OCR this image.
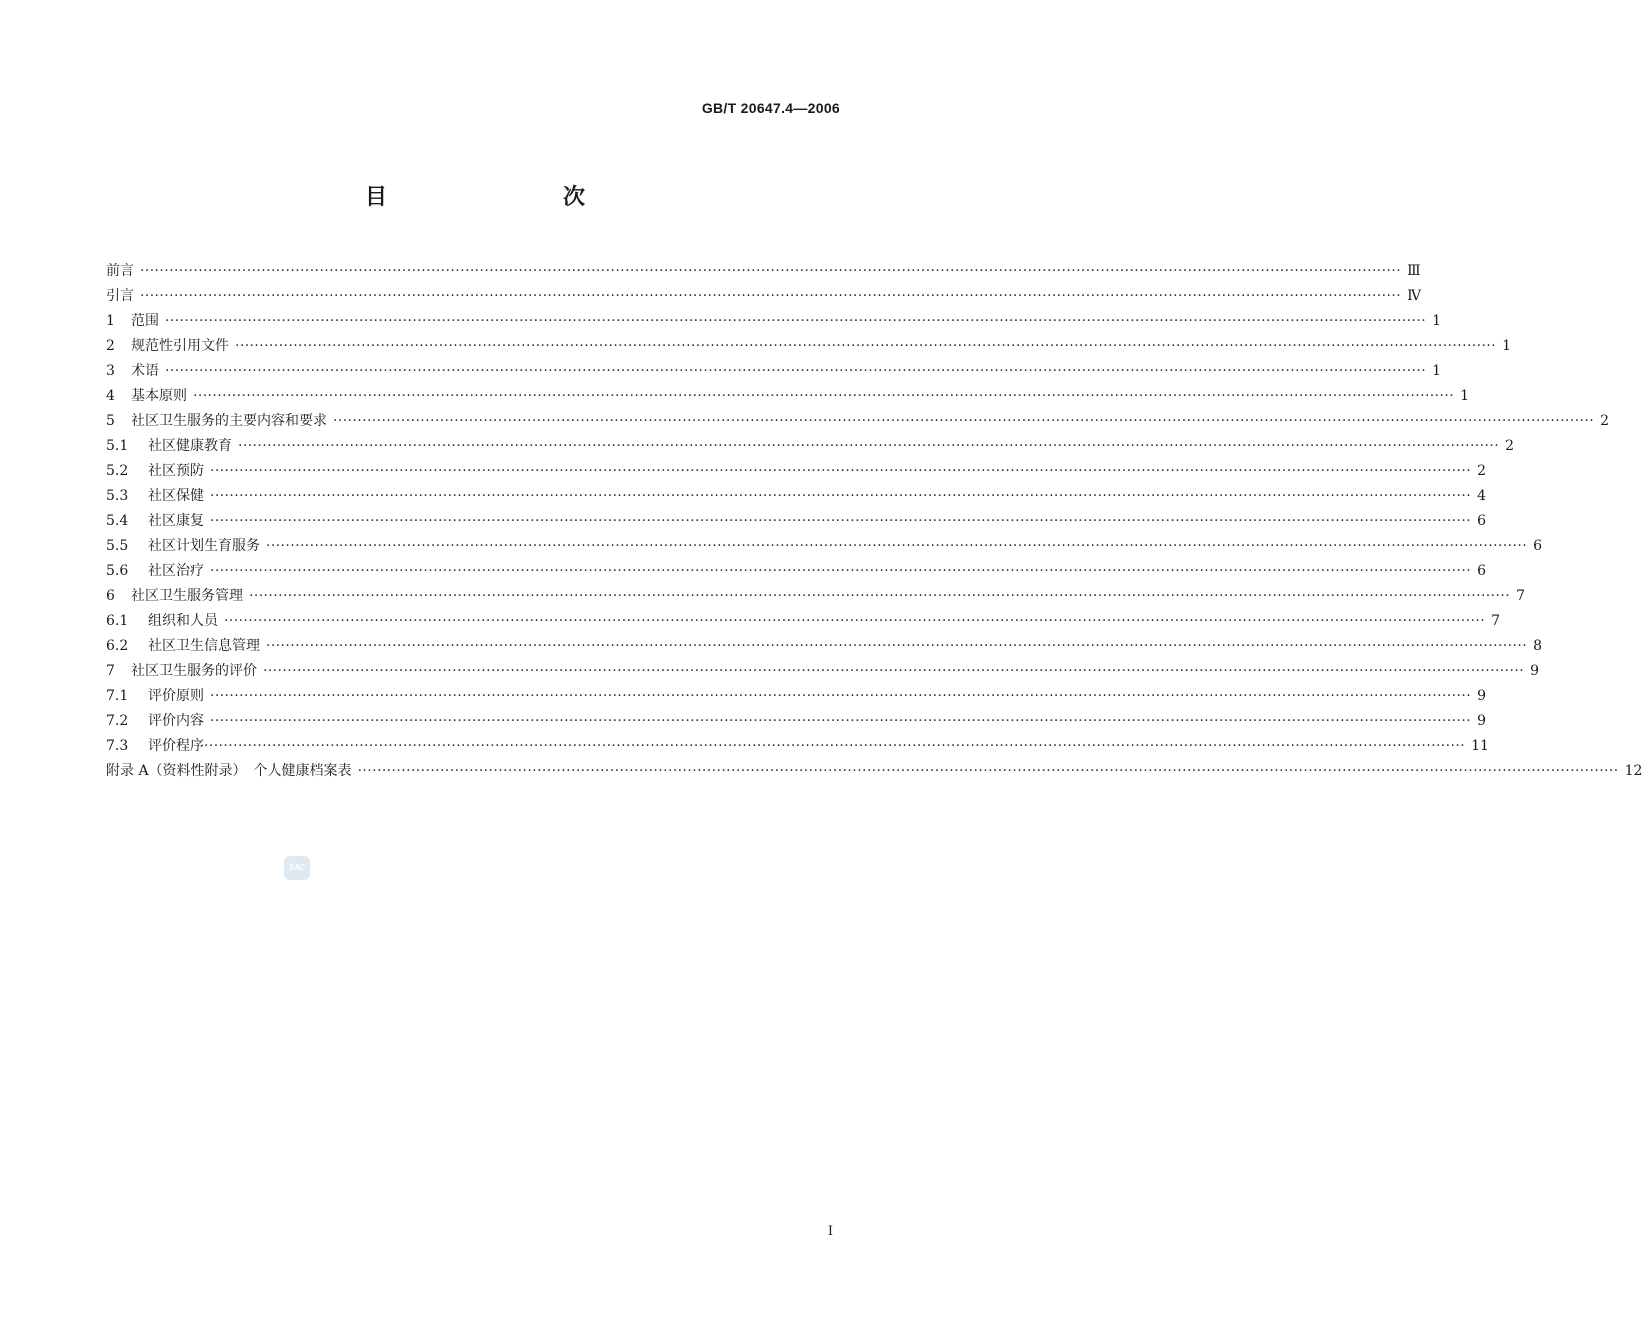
GB/T 20647.4—2006
目　　次
前言 ···································································································································································································································································· Ⅲ
引言 ···································································································································································································································································· Ⅳ
1	范围 ···································································································································································································································································· 1
2	规范性引用文件 ···································································································································································································································································· 1
3	术语 ···································································································································································································································································· 1
4	基本原则 ···································································································································································································································································· 1
5	社区卫生服务的主要内容和要求 ···································································································································································································································································· 2
5.1	社区健康教育 ···································································································································································································································································· 2
5.2	社区预防 ···································································································································································································································································· 2
5.3	社区保健 ···································································································································································································································································· 4
5.4	社区康复 ···································································································································································································································································· 6
5.5	社区计划生育服务 ···································································································································································································································································· 6
5.6	社区治疗 ···································································································································································································································································· 6
6	社区卫生服务管理 ···································································································································································································································································· 7
6.1	组织和人员 ···································································································································································································································································· 7
6.2	社区卫生信息管理 ···································································································································································································································································· 8
7	社区卫生服务的评价 ···································································································································································································································································· 9
7.1	评价原则 ···································································································································································································································································· 9
7.2	评价内容 ···································································································································································································································································· 9
7.3	评价程序 ···································································································································································································································································· 11
附录 A（资料性附录）　个人健康档案表 ···································································································································································································································································· 12
SAC
I
